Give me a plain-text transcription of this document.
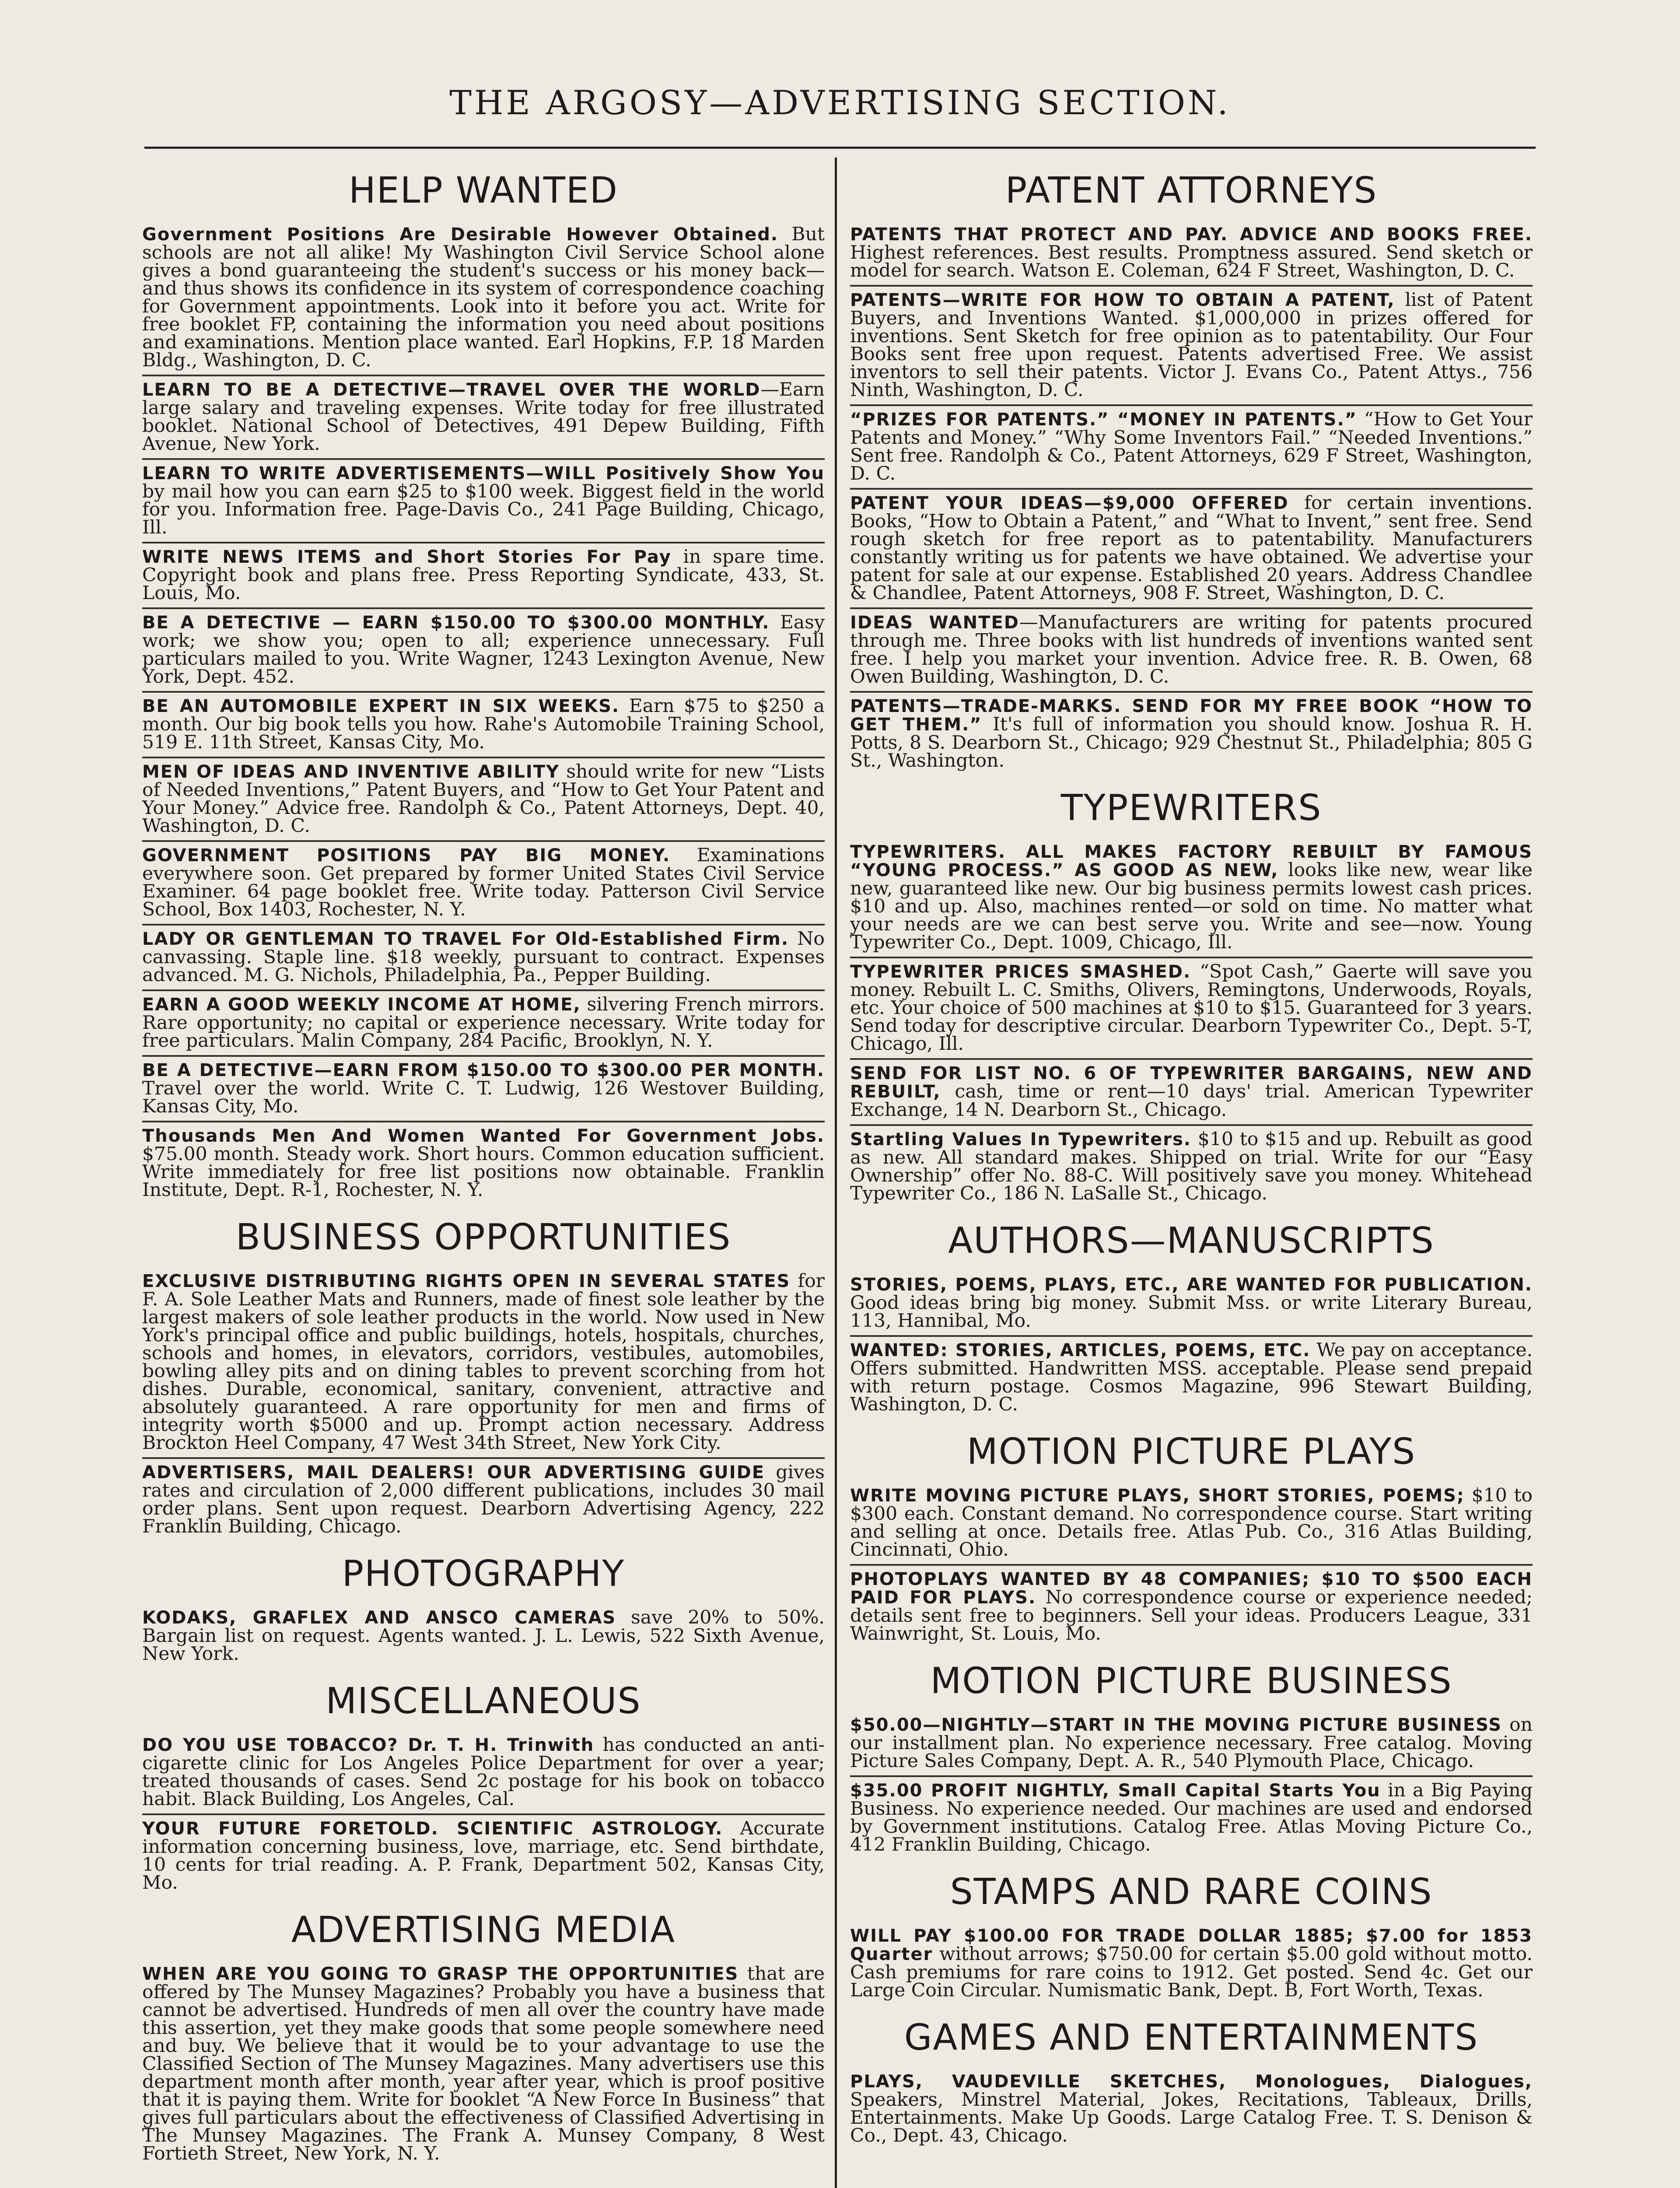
THE ARGOSY—ADVERTISING SECTION.
HELP WANTED
Government Positions Are Desirable However Obtained. But schools are not all alike! My Washington Civil Service School alone gives a bond guaranteeing the student's success or his money back—and thus shows its confidence in its system of correspondence coaching for Government appointments. Look into it before you act. Write for free booklet FP, containing the information you need about positions and examinations. Mention place wanted. Earl Hopkins, F.P. 18 Marden Bldg., Washington, D. C.
LEARN TO BE A DETECTIVE—TRAVEL OVER THE WORLD—Earn large salary and traveling expenses. Write today for free illustrated booklet. National School of Detectives, 491 Depew Building, Fifth Avenue, New York.
LEARN TO WRITE ADVERTISEMENTS—WILL Positively Show You by mail how you can earn $25 to $100 week. Biggest field in the world for you. Information free. Page-Davis Co., 241 Page Building, Chicago, Ill.
WRITE NEWS ITEMS and Short Stories For Pay in spare time. Copyright book and plans free. Press Reporting Syndicate, 433, St. Louis, Mo.
BE A DETECTIVE — EARN $150.00 TO $300.00 MONTHLY. Easy work; we show you; open to all; experience unnecessary. Full particulars mailed to you. Write Wagner, 1243 Lexington Avenue, New York, Dept. 452.
BE AN AUTOMOBILE EXPERT IN SIX WEEKS. Earn $75 to $250 a month. Our big book tells you how. Rahe's Automobile Training School, 519 E. 11th Street, Kansas City, Mo.
MEN OF IDEAS AND INVENTIVE ABILITY should write for new “Lists of Needed Inventions,” Patent Buyers, and “How to Get Your Patent and Your Money.” Advice free. Randolph & Co., Patent Attorneys, Dept. 40, Washington, D. C.
GOVERNMENT POSITIONS PAY BIG MONEY. Examinations everywhere soon. Get prepared by former United States Civil Service Examiner. 64 page booklet free. Write today. Patterson Civil Service School, Box 1403, Rochester, N. Y.
LADY OR GENTLEMAN TO TRAVEL For Old-Established Firm. No canvassing. Staple line. $18 weekly, pursuant to contract. Expenses advanced. M. G. Nichols, Philadelphia, Pa., Pepper Building.
EARN A GOOD WEEKLY INCOME AT HOME, silvering French mirrors. Rare opportunity; no capital or experience necessary. Write today for free particulars. Malin Company, 284 Pacific, Brooklyn, N. Y.
BE A DETECTIVE—EARN FROM $150.00 TO $300.00 PER MONTH. Travel over the world. Write C. T. Ludwig, 126 Westover Building, Kansas City, Mo.
Thousands Men And Women Wanted For Government Jobs. $75.00 month. Steady work. Short hours. Common education sufficient. Write immediately for free list positions now obtainable. Franklin Institute, Dept. R-1, Rochester, N. Y.
BUSINESS OPPORTUNITIES
EXCLUSIVE DISTRIBUTING RIGHTS OPEN IN SEVERAL STATES for F. A. Sole Leather Mats and Runners, made of finest sole leather by the largest makers of sole leather products in the world. Now used in New York's principal office and public buildings, hotels, hospitals, churches, schools and homes, in elevators, corridors, vestibules, automobiles, bowling alley pits and on dining tables to prevent scorching from hot dishes. Durable, economical, sanitary, convenient, attractive and absolutely guaranteed. A rare opportunity for men and firms of integrity worth $5000 and up. Prompt action necessary. Address Brockton Heel Company, 47 West 34th Street, New York City.
ADVERTISERS, MAIL DEALERS! OUR ADVERTISING GUIDE gives rates and circulation of 2,000 different publications, includes 30 mail order plans. Sent upon request. Dearborn Advertising Agency, 222 Franklin Building, Chicago.
PHOTOGRAPHY
KODAKS, GRAFLEX AND ANSCO CAMERAS save 20% to 50%. Bargain list on request. Agents wanted. J. L. Lewis, 522 Sixth Avenue, New York.
MISCELLANEOUS
DO YOU USE TOBACCO? Dr. T. H. Trinwith has conducted an anti-cigarette clinic for Los Angeles Police Department for over a year; treated thousands of cases. Send 2c postage for his book on tobacco habit. Black Building, Los Angeles, Cal.
YOUR FUTURE FORETOLD. SCIENTIFIC ASTROLOGY. Accurate information concerning business, love, marriage, etc. Send birthdate, 10 cents for trial reading. A. P. Frank, Department 502, Kansas City, Mo.
ADVERTISING MEDIA
WHEN ARE YOU GOING TO GRASP THE OPPORTUNITIES that are offered by The Munsey Magazines? Probably you have a business that cannot be advertised. Hundreds of men all over the country have made this assertion, yet they make goods that some people somewhere need and buy. We believe that it would be to your advantage to use the Classified Section of The Munsey Magazines. Many advertisers use this department month after month, year after year, which is proof positive that it is paying them. Write for booklet “A New Force In Business” that gives full particulars about the effectiveness of Classified Advertising in The Munsey Magazines. The Frank A. Munsey Company, 8 West Fortieth Street, New York, N. Y.
PATENT ATTORNEYS
PATENTS THAT PROTECT AND PAY. ADVICE AND BOOKS FREE. Highest references. Best results. Promptness assured. Send sketch or model for search. Watson E. Coleman, 624 F Street, Washington, D. C.
PATENTS—WRITE FOR HOW TO OBTAIN A PATENT, list of Patent Buyers, and Inventions Wanted. $1,000,000 in prizes offered for inventions. Sent Sketch for free opinion as to patentability. Our Four Books sent free upon request. Patents advertised Free. We assist inventors to sell their patents. Victor J. Evans Co., Patent Attys., 756 Ninth, Washington, D. C.
“PRIZES FOR PATENTS.” “MONEY IN PATENTS.” “How to Get Your Patents and Money.” “Why Some Inventors Fail.” “Needed Inventions.” Sent free. Randolph & Co., Patent Attorneys, 629 F Street, Washington, D. C.
PATENT YOUR IDEAS—$9,000 OFFERED for certain inventions. Books, “How to Obtain a Patent,” and “What to Invent,” sent free. Send rough sketch for free report as to patentability. Manufacturers constantly writing us for patents we have obtained. We advertise your patent for sale at our expense. Established 20 years. Address Chandlee & Chandlee, Patent Attorneys, 908 F. Street, Washington, D. C.
IDEAS WANTED—Manufacturers are writing for patents procured through me. Three books with list hundreds of inventions wanted sent free. I help you market your invention. Advice free. R. B. Owen, 68 Owen Building, Washington, D. C.
PATENTS—TRADE-MARKS. SEND FOR MY FREE BOOK “HOW TO GET THEM.” It's full of information you should know. Joshua R. H. Potts, 8 S. Dearborn St., Chicago; 929 Chestnut St., Philadelphia; 805 G St., Washington.
TYPEWRITERS
TYPEWRITERS. ALL MAKES FACTORY REBUILT BY FAMOUS “YOUNG PROCESS.” AS GOOD AS NEW, looks like new, wear like new, guaranteed like new. Our big business permits lowest cash prices. $10 and up. Also, machines rented—or sold on time. No matter what your needs are we can best serve you. Write and see—now. Young Typewriter Co., Dept. 1009, Chicago, Ill.
TYPEWRITER PRICES SMASHED. “Spot Cash,” Gaerte will save you money. Rebuilt L. C. Smiths, Olivers, Remingtons, Underwoods, Royals, etc. Your choice of 500 machines at $10 to $15. Guaranteed for 3 years. Send today for descriptive circular. Dearborn Typewriter Co., Dept. 5-T, Chicago, Ill.
SEND FOR LIST NO. 6 OF TYPEWRITER BARGAINS, NEW AND REBUILT, cash, time or rent—10 days' trial. American Typewriter Exchange, 14 N. Dearborn St., Chicago.
Startling Values In Typewriters. $10 to $15 and up. Rebuilt as good as new. All standard makes. Shipped on trial. Write for our “Easy Ownership” offer No. 88-C. Will positively save you money. Whitehead Typewriter Co., 186 N. LaSalle St., Chicago.
AUTHORS—MANUSCRIPTS
STORIES, POEMS, PLAYS, ETC., ARE WANTED FOR PUBLICATION. Good ideas bring big money. Submit Mss. or write Literary Bureau, 113, Hannibal, Mo.
WANTED: STORIES, ARTICLES, POEMS, ETC. We pay on acceptance. Offers submitted. Handwritten MSS. acceptable. Please send prepaid with return postage. Cosmos Magazine, 996 Stewart Building, Washington, D. C.
MOTION PICTURE PLAYS
WRITE MOVING PICTURE PLAYS, SHORT STORIES, POEMS; $10 to $300 each. Constant demand. No correspondence course. Start writing and selling at once. Details free. Atlas Pub. Co., 316 Atlas Building, Cincinnati, Ohio.
PHOTOPLAYS WANTED BY 48 COMPANIES; $10 TO $500 EACH PAID FOR PLAYS. No correspondence course or experience needed; details sent free to beginners. Sell your ideas. Producers League, 331 Wainwright, St. Louis, Mo.
MOTION PICTURE BUSINESS
$50.00—NIGHTLY—START IN THE MOVING PICTURE BUSINESS on our installment plan. No experience necessary. Free catalog. Moving Picture Sales Company, Dept. A. R., 540 Plymouth Place, Chicago.
$35.00 PROFIT NIGHTLY, Small Capital Starts You in a Big Paying Business. No experience needed. Our machines are used and endorsed by Government institutions. Catalog Free. Atlas Moving Picture Co., 412 Franklin Building, Chicago.
STAMPS AND RARE COINS
WILL PAY $100.00 FOR TRADE DOLLAR 1885; $7.00 for 1853 Quarter without arrows; $750.00 for certain $5.00 gold without motto. Cash premiums for rare coins to 1912. Get posted. Send 4c. Get our Large Coin Circular. Numismatic Bank, Dept. B, Fort Worth, Texas.
GAMES AND ENTERTAINMENTS
PLAYS, VAUDEVILLE SKETCHES, Monologues, Dialogues, Speakers, Minstrel Material, Jokes, Recitations, Tableaux, Drills, Entertainments. Make Up Goods. Large Catalog Free. T. S. Denison & Co., Dept. 43, Chicago.
